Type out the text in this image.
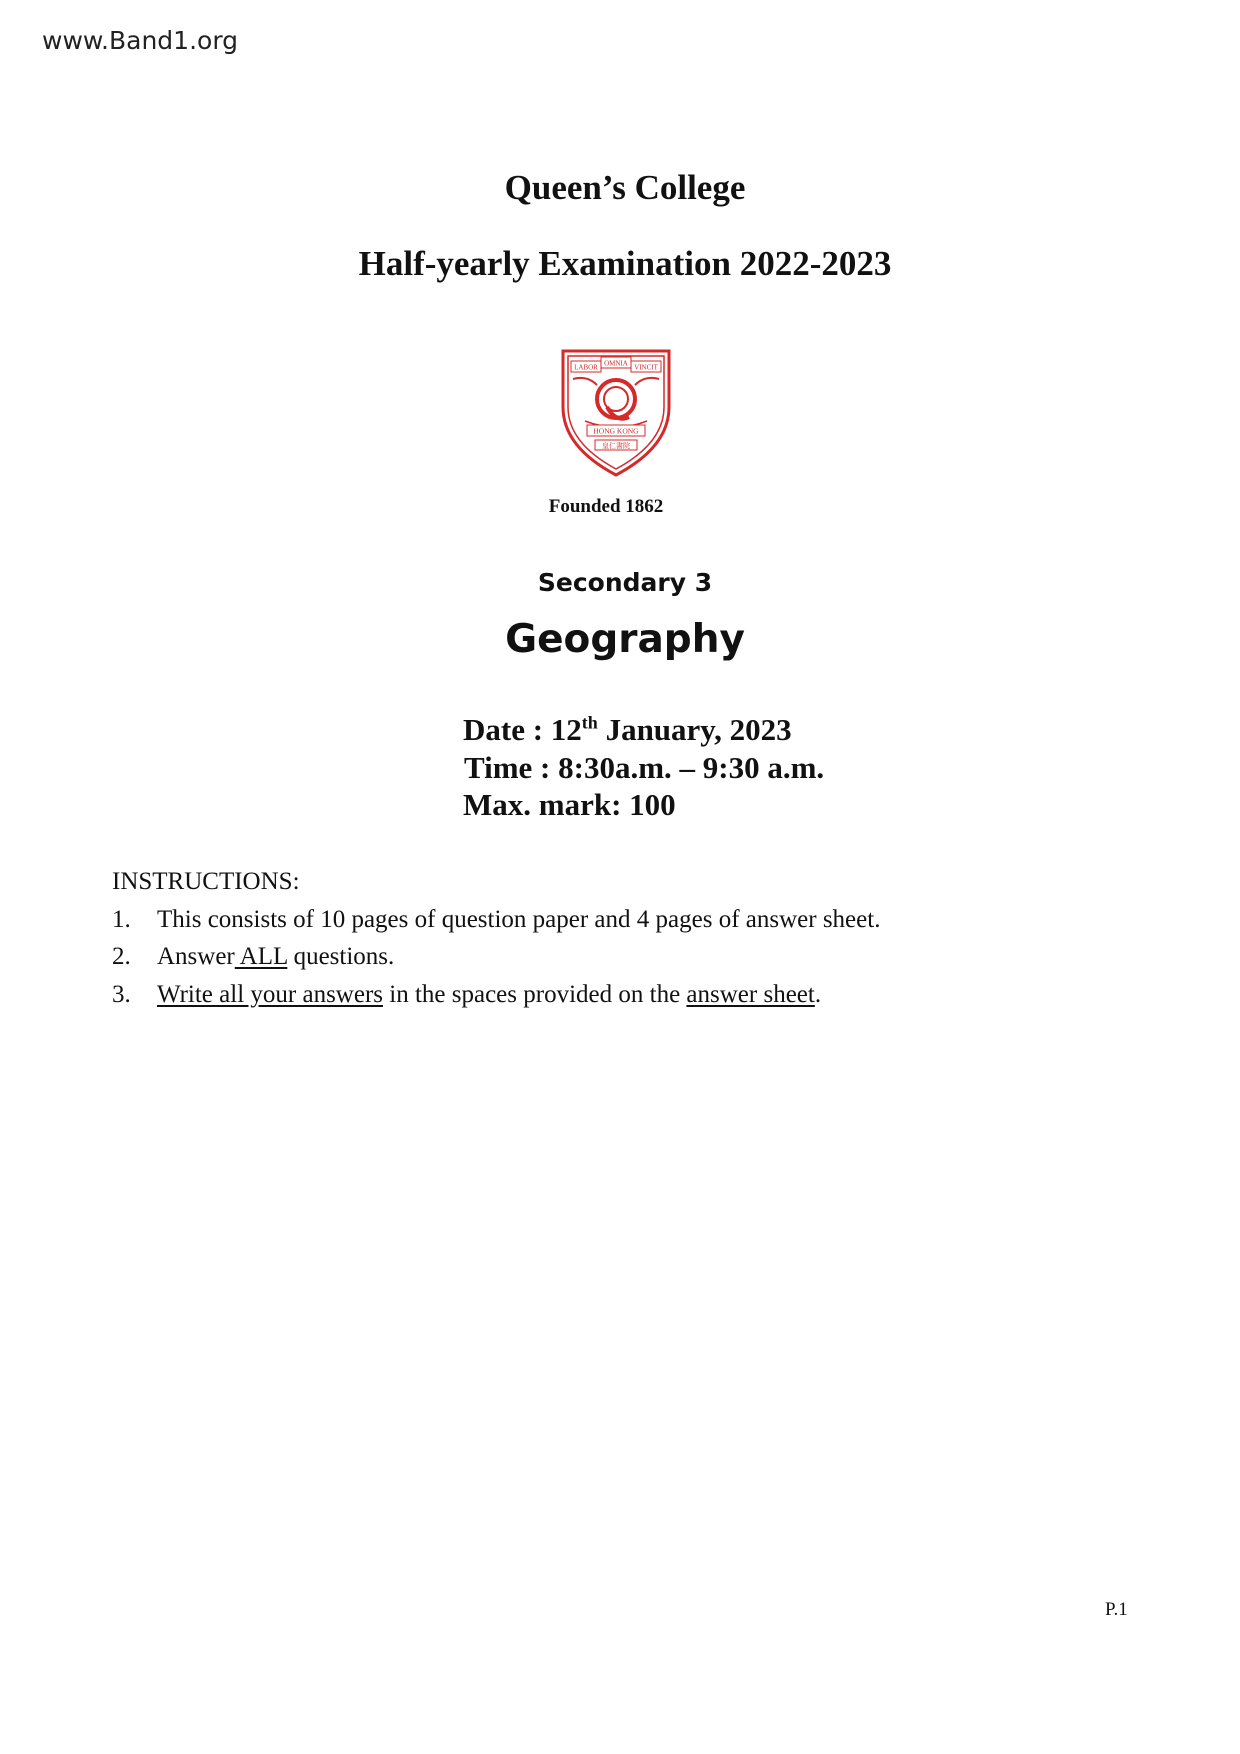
www.Band1.org
Queen’s College
Half-yearly Examination 2022-2023
LABOR OMNIA VINCIT
HONG KONG
皇仁書院
Founded 1862
Secondary 3
Geography
Date : 12th January, 2023
Time : 8:30a.m. – 9:30 a.m.
Max. mark: 100
INSTRUCTIONS:
1. This consists of 10 pages of question paper and 4 pages of answer sheet.
2. Answer ALL questions.
3. Write all your answers in the spaces provided on the answer sheet.
P.1
